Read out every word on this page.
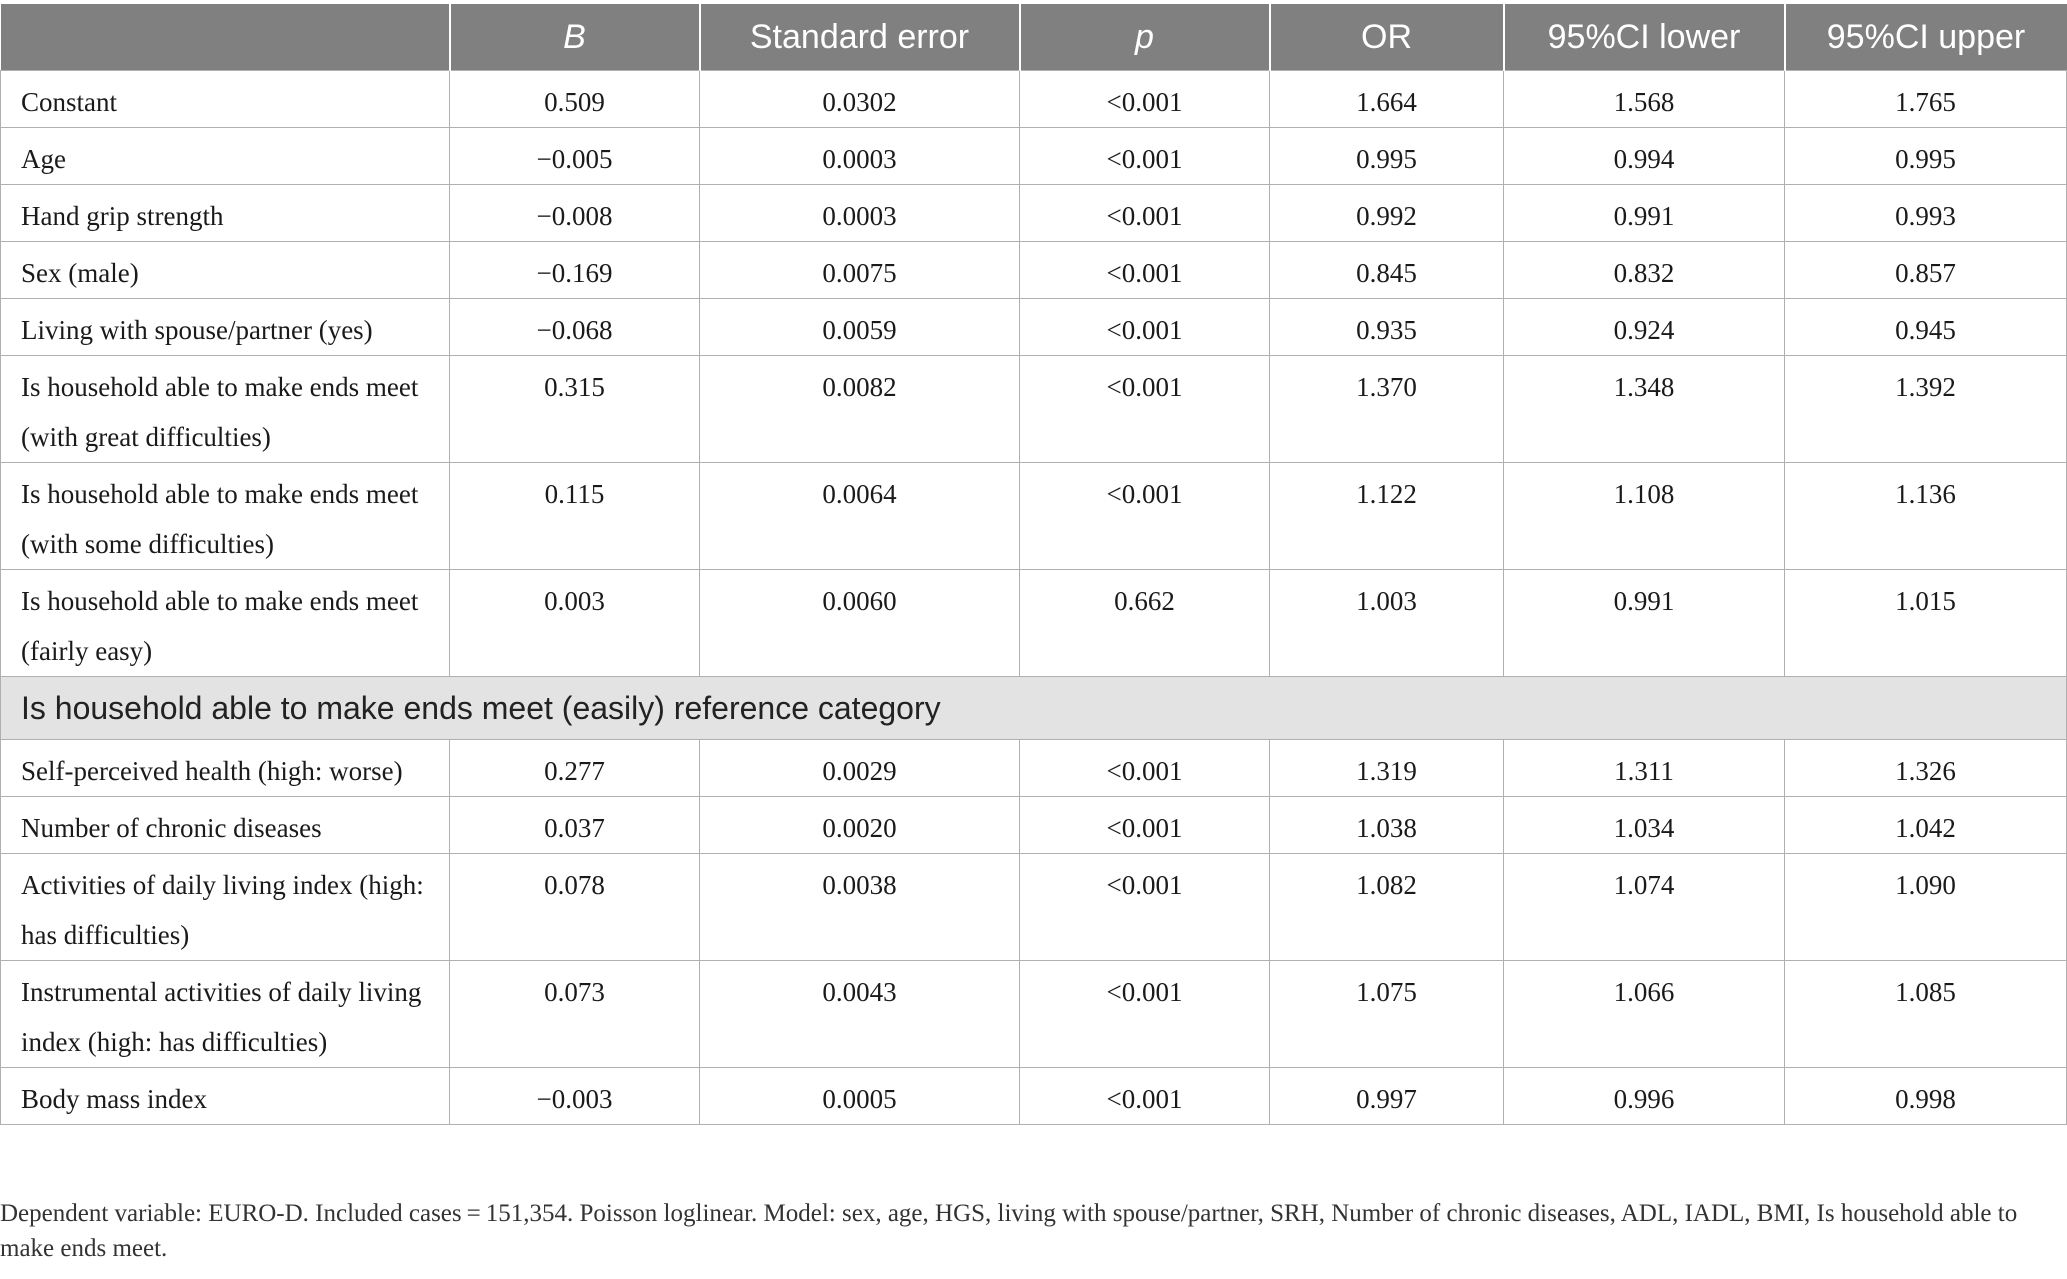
	B	Standard error	p	OR	95%CI lower	95%CI upper
Constant	0.509	0.0302	<0.001	1.664	1.568	1.765
Age	−0.005	0.0003	<0.001	0.995	0.994	0.995
Hand grip strength	−0.008	0.0003	<0.001	0.992	0.991	0.993
Sex (male)	−0.169	0.0075	<0.001	0.845	0.832	0.857
Living with spouse/partner (yes)	−0.068	0.0059	<0.001	0.935	0.924	0.945
Is household able to make ends meet (with great difficulties)	0.315	0.0082	<0.001	1.370	1.348	1.392
Is household able to make ends meet (with some difficulties)	0.115	0.0064	<0.001	1.122	1.108	1.136
Is household able to make ends meet (fairly easy)	0.003	0.0060	0.662	1.003	0.991	1.015
Is household able to make ends meet (easily) reference category						
Self-perceived health (high: worse)	0.277	0.0029	<0.001	1.319	1.311	1.326
Number of chronic diseases	0.037	0.0020	<0.001	1.038	1.034	1.042
Activities of daily living index (high: has difficulties)	0.078	0.0038	<0.001	1.082	1.074	1.090
Instrumental activities of daily living index (high: has difficulties)	0.073	0.0043	<0.001	1.075	1.066	1.085
Body mass index	−0.003	0.0005	<0.001	0.997	0.996	0.998
Dependent variable: EURO-D. Included cases = 151,354. Poisson loglinear. Model: sex, age, HGS, living with spouse/partner, SRH, Number of chronic diseases, ADL, IADL, BMI, Is household able to make ends meet.
